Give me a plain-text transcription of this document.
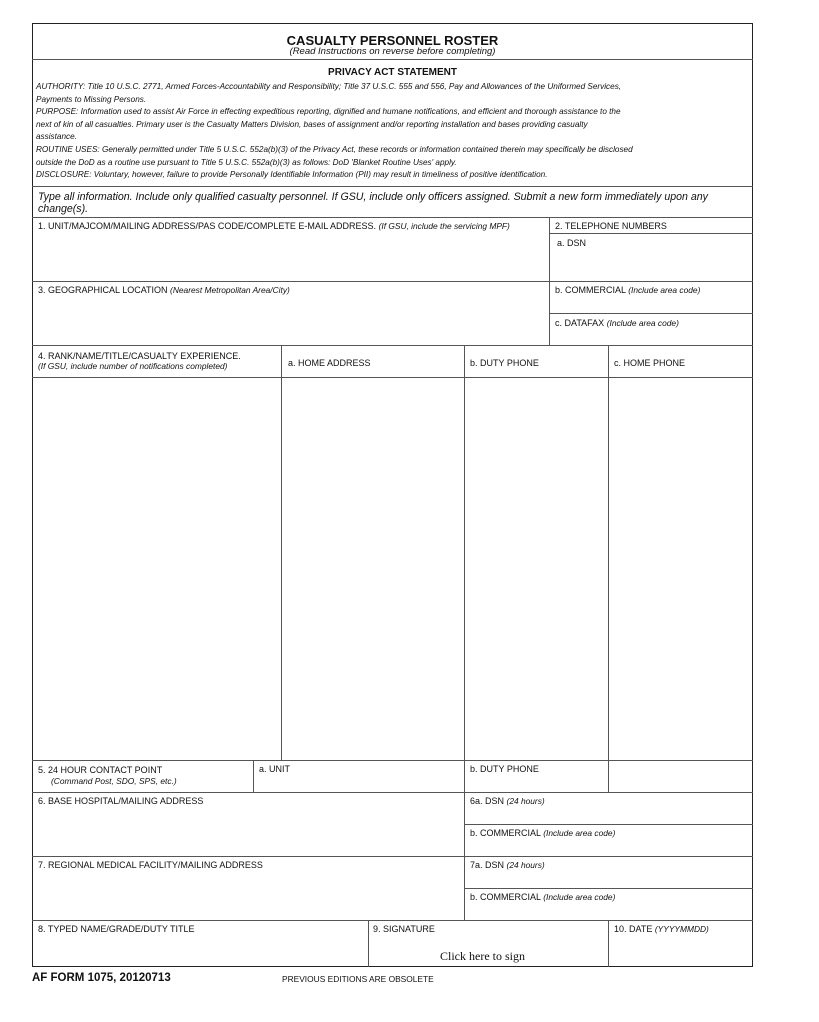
CASUALTY PERSONNEL ROSTER
(Read Instructions on reverse before completing)
PRIVACY ACT STATEMENT
AUTHORITY: Title 10 U.S.C. 2771, Armed Forces-Accountability and Responsibility; Title 37 U.S.C. 555 and 556, Pay and Allowances of the Uniformed Services,
Payments to Missing Persons.
PURPOSE: Information used to assist Air Force in effecting expeditious reporting, dignified and humane notifications, and efficient and thorough assistance to the
next of kin of all casualties. Primary user is the Casualty Matters Division, bases of assignment and/or reporting installation and bases providing casualty
assistance.
ROUTINE USES: Generally permitted under Title 5 U.S.C. 552a(b)(3) of the Privacy Act, these records or information contained therein may specifically be disclosed
outside the DoD as a routine use pursuant to Title 5 U.S.C. 552a(b)(3) as follows: DoD 'Blanket Routine Uses' apply.
DISCLOSURE: Voluntary, however, failure to provide Personally Identifiable Information (PII) may result in timeliness of positive identification.
Type all information. Include only qualified casualty personnel. If GSU, include only officers assigned. Submit a new form immediately upon any
change(s).
1. UNIT/MAJCOM/MAILING ADDRESS/PAS CODE/COMPLETE E-MAIL ADDRESS. (If GSU, include the servicing MPF)	2. TELEPHONE NUMBERS
a. DSN
b. COMMERCIAL (Include area code)
c. DATAFAX (Include area code)
3. GEOGRAPHICAL LOCATION (Nearest Metropolitan Area/City)
4. RANK/NAME/TITLE/CASUALTY EXPERIENCE.
(If GSU, include number of notifications completed)	a. HOME ADDRESS	b. DUTY PHONE	c. HOME PHONE
5. 24 HOUR CONTACT POINT
(Command Post, SDO, SPS, etc.)
a. UNIT	b. DUTY PHONE
6. BASE HOSPITAL/MAILING ADDRESS	6a. DSN (24 hours)
b. COMMERCIAL (Include area code)
7. REGIONAL MEDICAL FACILITY/MAILING ADDRESS	7a. DSN (24 hours)
b. COMMERCIAL (Include area code)
8. TYPED NAME/GRADE/DUTY TITLE	9. SIGNATURE
Click here to sign
10. DATE (YYYYMMDD)
AF FORM 1075, 20120713	PREVIOUS EDITIONS ARE OBSOLETE
